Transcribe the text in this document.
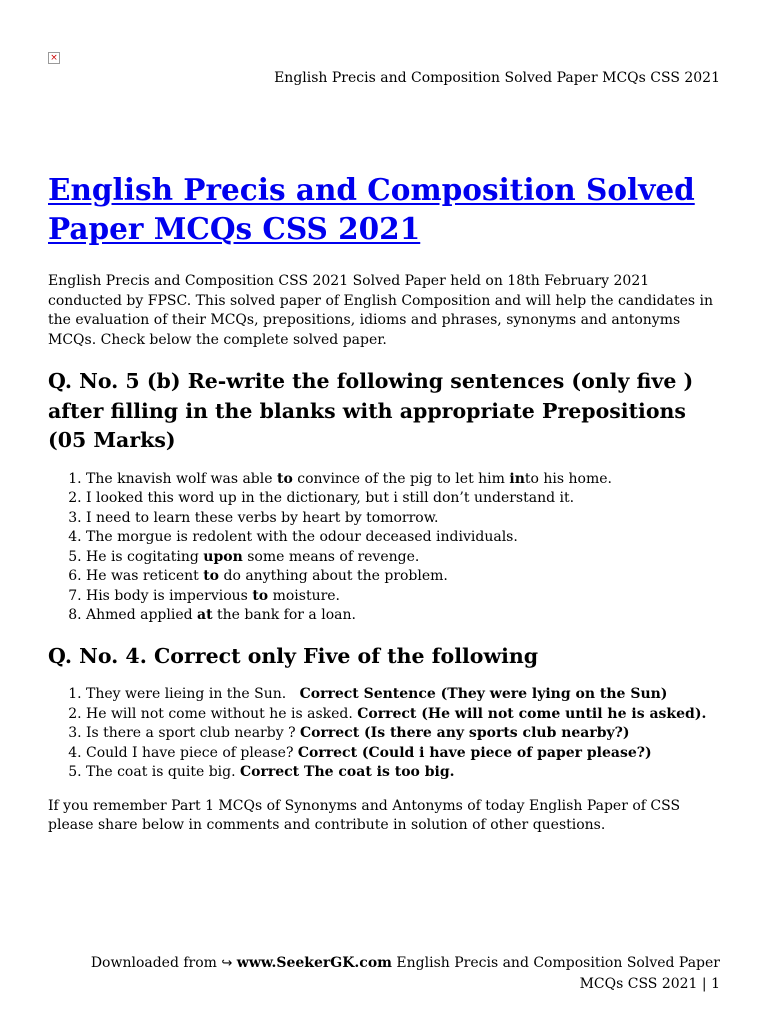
×
English Precis and Composition Solved Paper MCQs CSS 2021
English Precis and Composition Solved
Paper MCQs CSS 2021

English Precis and Composition CSS 2021 Solved Paper held on 18th February 2021 conducted by FPSC. This solved paper of English Composition and will help the candidates in the evaluation of their MCQs, prepositions, idioms and phrases, synonyms and antonyms MCQs. Check below the complete solved paper.

Q. No. 5 (b) Re-write the following sentences (only five ) after filling in the blanks with appropriate Prepositions (05 Marks)
1. The knavish wolf was able to convince of the pig to let him into his home.
2. I looked this word up in the dictionary, but i still don’t understand it.
3. I need to learn these verbs by heart by tomorrow.
4. The morgue is redolent with the odour deceased individuals.
5. He is cogitating upon some means of revenge.
6. He was reticent to do anything about the problem.
7. His body is impervious to moisture.
8. Ahmed applied at the bank for a loan.
Q. No. 4. Correct only Five of the following
1. They were lieing in the Sun.   Correct Sentence (They were lying on the Sun)
2. He will not come without he is asked. Correct (He will not come until he is asked).
3. Is there a sport club nearby ? Correct (Is there any sports club nearby?)
4. Could I have piece of please? Correct (Could i have piece of paper please?)
5. The coat is quite big. Correct The coat is too big.

If you remember Part 1 MCQs of Synonyms and Antonyms of today English Paper of CSS please share below in comments and contribute in solution of other questions.

Downloaded from ↪ www.SeekerGK.com English Precis and Composition Solved Paper
MCQs CSS 2021 | 1
